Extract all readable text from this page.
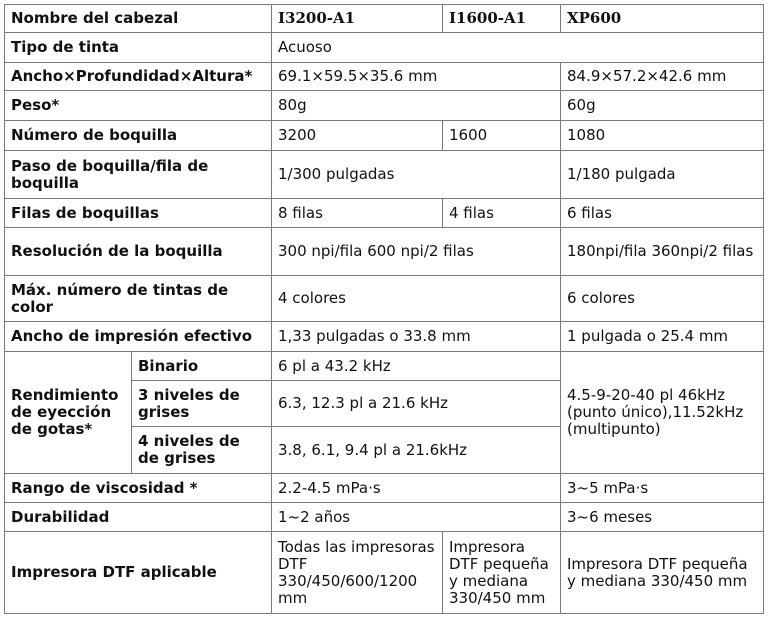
Nombre del cabezal		I3200-A1	I1600-A1	XP600
Tipo de tinta		Acuoso		
Ancho×Profundidad×Altura*		69.1×59.5×35.6 mm		84.9×57.2×42.6 mm
Peso*		80g		60g
Número de boquilla		3200	1600	1080
Paso de boquilla/fila de boquilla		1/300 pulgadas		1/180 pulgada
Filas de boquillas		8 filas	4 filas	6 filas
Resolución de la boquilla		300 npi/fila 600 npi/2 filas		180npi/fila 360npi/2 filas
Máx. número de tintas de color		4 colores		6 colores
Ancho de impresión efectivo		1,33 pulgadas o 33.8 mm		1 pulgada o 25.4 mm
Rendimiento de eyección de gotas*	Binario	6 pl a 43.2 kHz		4.5-9-20-40 pl 46kHz (punto único),11.52kHz (multipunto)
	3 niveles de grises	6.3, 12.3 pl a 21.6 kHz		
	4 niveles de de grises	3.8, 6.1, 9.4 pl a 21.6kHz		
Rango de viscosidad *		2.2-4.5 mPa·s		3~5 mPa·s
Durabilidad		1~2 años		3~6 meses
Impresora DTF aplicable		Todas las impresoras DTF 330/450/600/1200 mm	Impresora DTF pequeña y mediana 330/450 mm	Impresora DTF pequeña y mediana 330/450 mm
